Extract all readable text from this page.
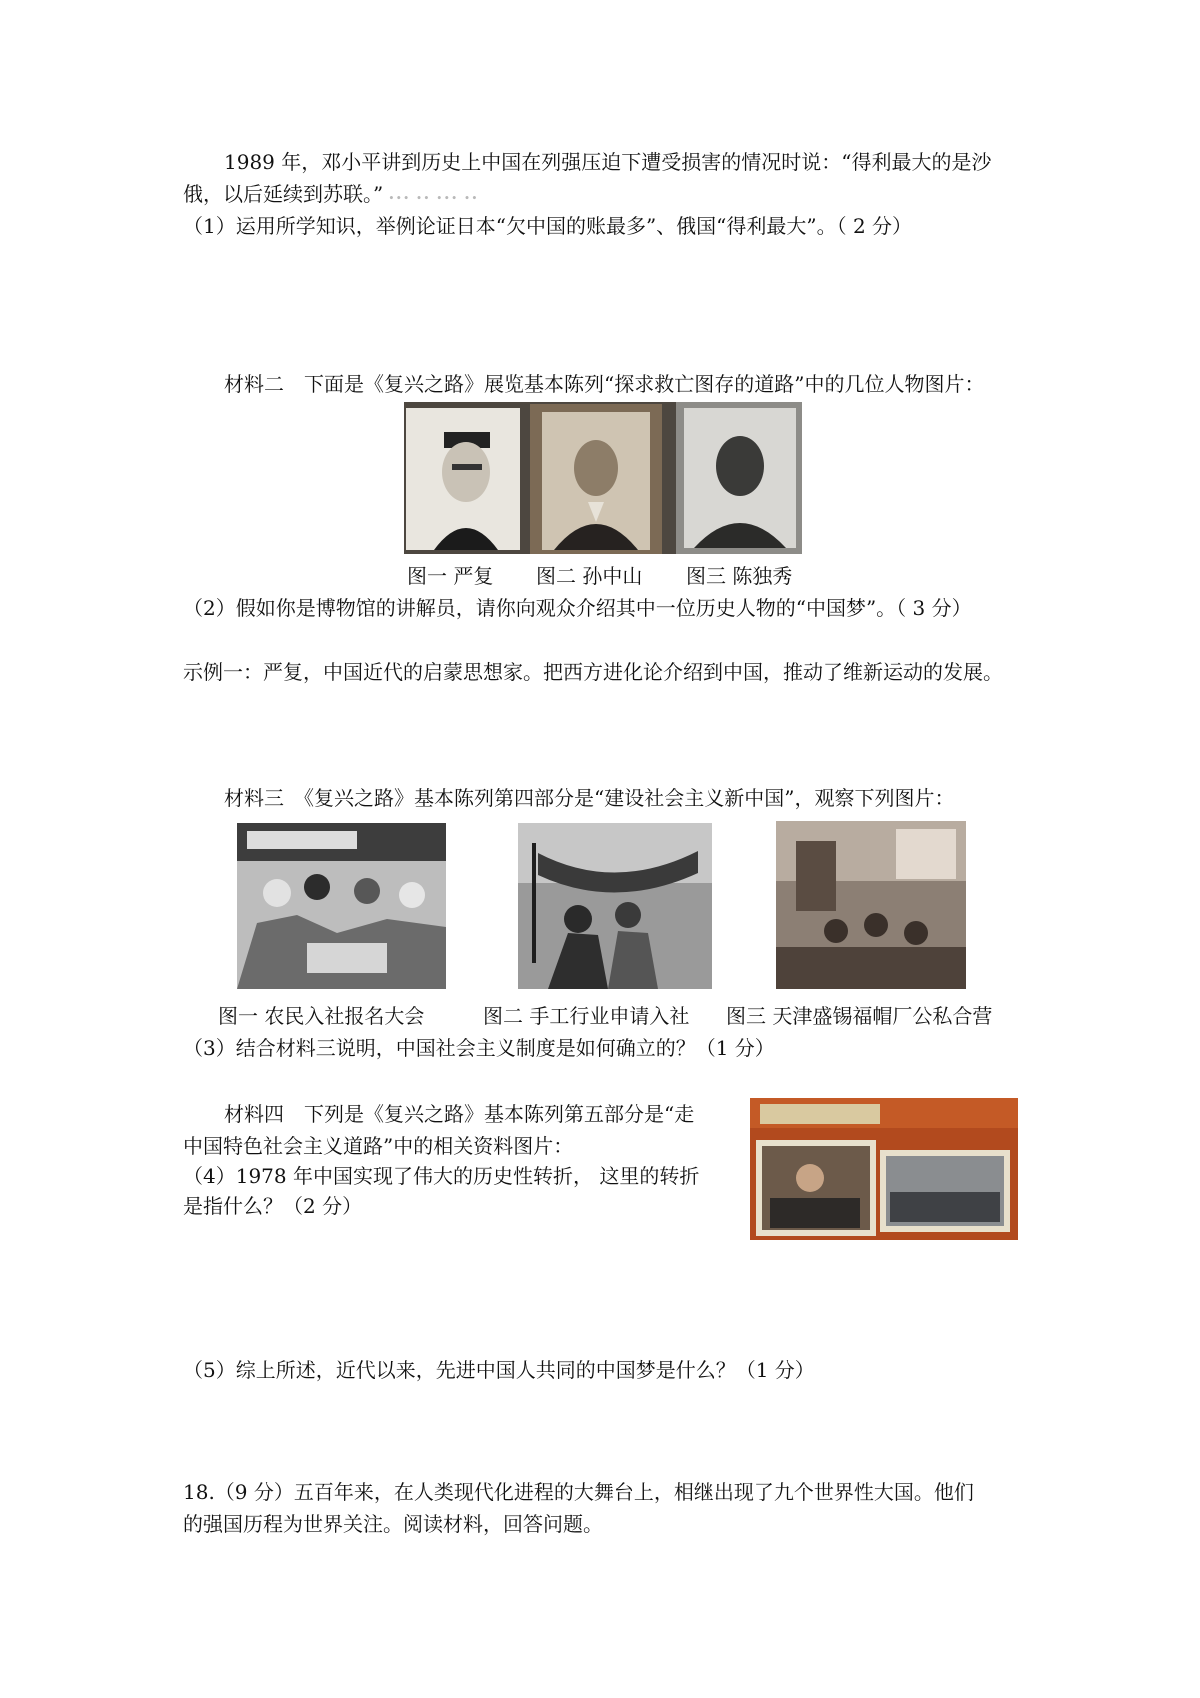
1989 年，邓小平讲到历史上中国在列强压迫下遭受损害的情况时说：“得利最大的是沙
俄，以后延续到苏联。” ∙∙∙ ∙∙ ∙∙∙ ∙∙
（1）运用所学知识，举例论证日本“欠中国的账最多”、俄国“得利最大”。（ 2 分）
材料二　下面是《复兴之路》展览基本陈列“探求救亡图存的道路”中的几位人物图片：
图一 严复 图二 孙中山 图三 陈独秀
（2）假如你是博物馆的讲解员，请你向观众介绍其中一位历史人物的“中国梦”。（ 3 分）
示例一：严复，中国近代的启蒙思想家。把西方进化论介绍到中国，推动了维新运动的发展。
材料三　《复兴之路》基本陈列第四部分是“建设社会主义新中国”，观察下列图片：
图一 农民入社报名大会	图二 手工行业申请入社 图三 天津盛锡福帽厂公私合营
（3）结合材料三说明，中国社会主义制度是如何确立的？（1 分）
材料四　下列是《复兴之路》基本陈列第五部分是“走
中国特色社会主义道路”中的相关资料图片：
（4）1978 年中国实现了伟大的历史性转折， 这里的转折
是指什么？（2 分）
（5）综上所述，近代以来，先进中国人共同的中国梦是什么？（1 分）
18.（9 分）五百年来，在人类现代化进程的大舞台上，相继出现了九个世界性大国。他们
的强国历程为世界关注。阅读材料，回答问题。
